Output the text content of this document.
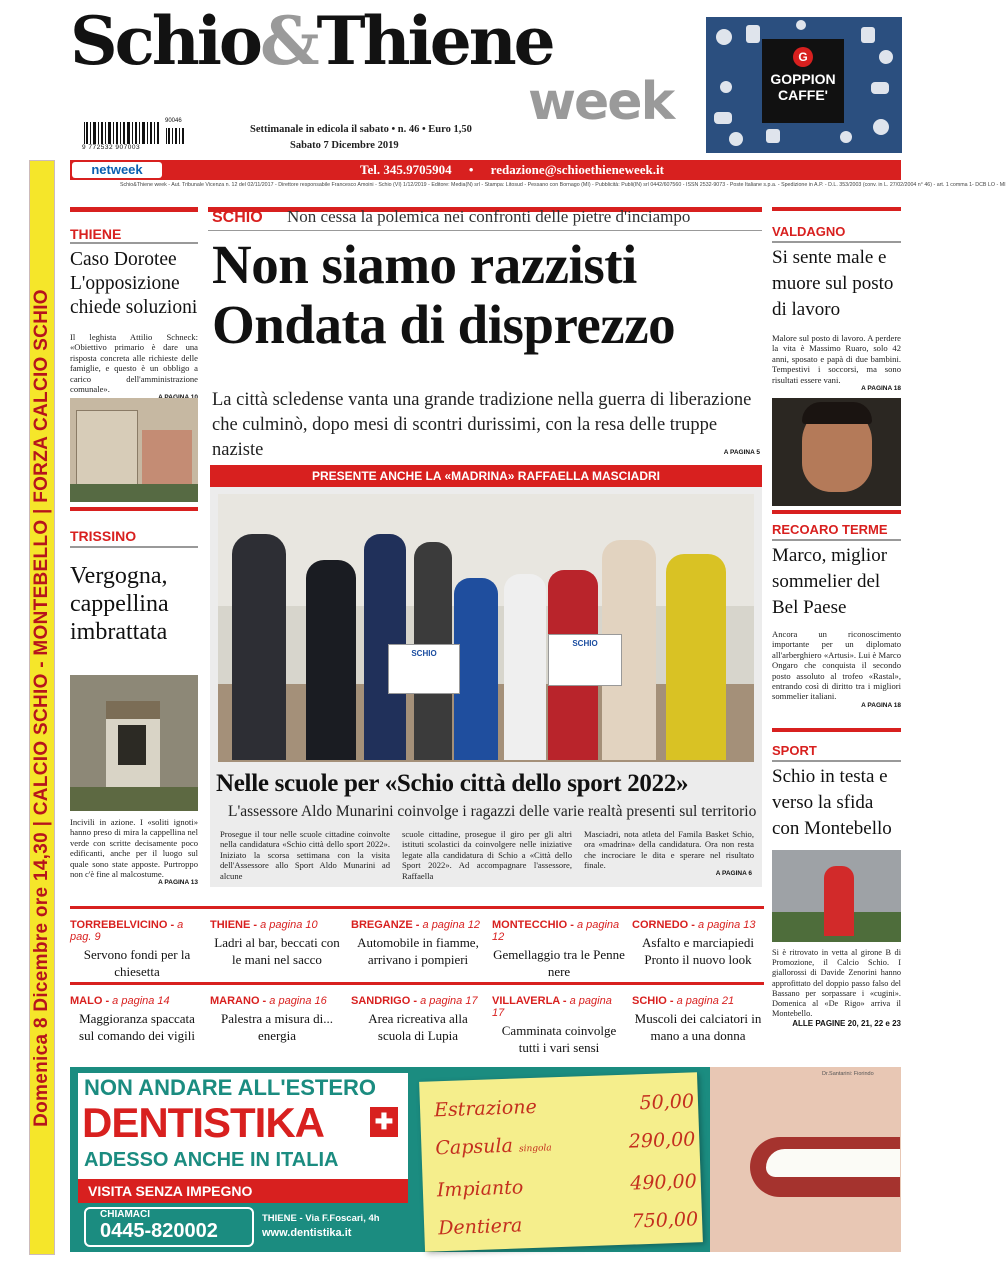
Schio&Thiene
week
90046
9 772532 907003
Settimanale in edicola il sabato • n. 46 • Euro 1,50
Sabato 7 Dicembre 2019
G
GOPPION
CAFFE'
netweek	Tel. 345.9705904 • redazione@schioethieneweek.it
Schio&Thiene week - Aut. Tribunale Vicenza n. 12 del 02/11/2017 - Direttore responsabile Francesco Amoini - Schio (VI) 1/12/2019 - Editore: Media(N) srl - Stampa: Litosud - Pessano con Bornago (MI) - Pubblicità: Publi(IN) srl 0442/607560 - ISSN 2532-9073 - Poste Italiane s.p.a. - Spedizione in A.P. - D.L. 353/2003 (conv. in L. 27/02/2004 n° 46) - art. 1 comma 1- DCB LO - MI
Domenica 8 Dicembre ore 14,30 | CALCIO SCHIO - MONTEBELLO | FORZA CALCIO SCHIO
THIENE
Caso Dorotee L'opposizione chiede soluzioni
Il leghista Attilio Schneck: «Obiettivo primario è dare una risposta concreta alle richieste delle famiglie, e questo è un obbligo a carico dell'amministrazione comunale».
TRISSINO
Vergogna, cappellina imbrattata
Incivili in azione. I «soliti ignoti» hanno preso di mira la cappellina nel verde con scritte decisamente poco edificanti, anche per il luogo sul quale sono state apposte. Purtroppo non c'è fine al malcostume.
A PAGINA 13
SCHIO Non cessa la polemica nei confronti delle pietre d'inciampo
Non siamo razzisti Ondata di disprezzo
La città scledense vanta una grande tradizione nella guerra di liberazione che culminò, dopo mesi di scontri durissimi, con la resa delle truppe naziste	A PAGINA 5
PRESENTE ANCHE LA «MADRINA» RAFFAELLA MASCIADRI
SCHIO
SCHIO
Nelle scuole per «Schio città dello sport 2022»
L'assessore Aldo Munarini coinvolge i ragazzi delle varie realtà presenti sul territorio
Prosegue il tour nelle scuole cittadine coinvolte nella candidatura «Schio città dello sport 2022». Iniziato la scorsa settimana con la visita dell'Assessore allo Sport Aldo Munarini ad alcune
scuole cittadine, prosegue il giro per gli altri istituti scolastici da coinvolgere nelle iniziative legate alla candidatura di Schio a «Città dello Sport 2022». Ad accompagnare l'assessore, Raffaella
Masciadri, nota atleta del Famila Basket Schio, ora «madrina» della candidatura. Ora non resta che incrociare le dita e sperare nel risultato finale.
A PAGINA 6
VALDAGNO
Si sente male e muore sul posto di lavoro
Malore sul posto di lavoro. A perdere la vita è Massimo Ruaro, solo 42 anni, sposato e papà di due bambini. Tempestivi i soccorsi, ma sono risultati essere vani.
A PAGINA 18
RECOARO TERME
Marco, miglior sommelier del Bel Paese
Ancora un riconoscimento importante per un diplomato all'arberghiero «Artusi». Lui è Marco Ongaro che conquista il secondo posto assoluto al trofeo «Rastal», entrando così di diritto tra i migliori sommelier italiani.
A PAGINA 18
SPORT
Schio in testa e verso la sfida con Montebello
Si è ritrovato in vetta al girone B di Promozione, il Calcio Schio. I giallorossi di Davide Zenorini hanno approfittato del doppio passo falso del Bassano per sorpassare i «cugini». Domenica al «De Rigo» arriva il Montebello.
ALLE PAGINE 20, 21, 22 e 23
TORREBELVICINO - a pag. 9
Servono fondi per la chiesetta
THIENE - a pagina 10
Ladri al bar, beccati con le mani nel sacco
BREGANZE - a pagina 12
Automobile in fiamme, arrivano i pompieri
MONTECCHIO - a pagina 12
Gemellaggio tra le Penne nere
CORNEDO - a pagina 13
Asfalto e marciapiedi Pronto il nuovo look
MALO - a pagina 14
Maggioranza spaccata sul comando dei vigili
MARANO - a pagina 16
Palestra a misura di... energia
SANDRIGO - a pagina 17
Area ricreativa alla scuola di Lupia
VILLAVERLA - a pagina 17
Camminata coinvolge tutti i vari sensi
SCHIO - a pagina 21
Muscoli dei calciatori in mano a una donna
NON ANDARE ALL'ESTERO
DENTISTIKA ✚
ADESSO ANCHE IN ITALIA
VISITA SENZA IMPEGNO
CHIAMACI
0445-820002
THIENE - Via F.Foscari, 4h
www.dentistika.it
Estrazione	50,00
Capsula singola	290,00
Impianto	490,00
Dentiera	750,00
Dr.Santarini: Fiorindo
